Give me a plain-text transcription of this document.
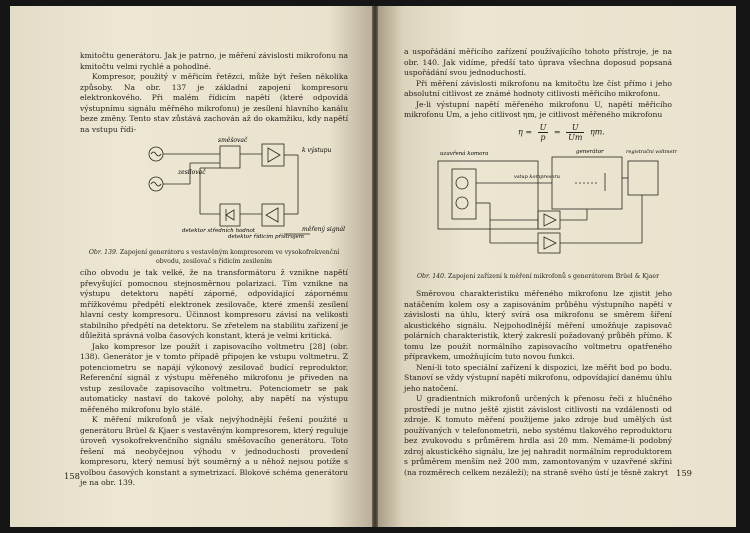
kmitočtu generátoru. Jak je patrno, je měření závislosti mikrofonu na kmitočtu velmi rychlé a pohodlné.

Kompresor, použitý v měřicím řetězci, může být řešen několika způsoby. Na obr. 137 je základní zapojení kompresoru elektronkového. Při malém řídicím napětí (které odpovídá výstupnímu signálu měřného mikrofonu) je zesílení hlavního kanálu beze změny. Tento stav zůstává zachován až do okamžiku, kdy napětí na vstupu řídi-

směšovač
zesilovač
k výstupu
detektor středních hodnot
detektor řídicím přístrojem
měřený signál
Obr. 139. Zapojení generátoru s vestavěným kompresorem ve vysokofrekvenční obvodu, zesilovač s řídicím zesilením

cího obvodu je tak velké, že na transformátoru ž vznikne napětí převyšující pomocnou stejnosměrnou polarizaci. Tím vznikne na výstupu detektoru napětí záporné, odpovídající zápornému mřížkovému předpětí elektronek zesilovače, které zmenší zesílení hlavní cesty kompresoru. Účinnost kompresoru závisí na velikosti stabilního předpětí na detektoru. Se zřetelem na stabilitu zařízení je důležitá správná volba časových konstant, která je velmi kritická.

Jako kompresor lze použít i zapisovacího voltmetru [28] (obr. 138). Generátor je v tomto případě připojen ke vstupu voltmetru. Z potenciometru se napájí výkonový zesilovač budící reproduktor. Referenční signál z výstupu měřeného mikrofonu je přiveden na vstup zesilovače zapisovacího voltmetru. Potenciometr se pak automaticky nastaví do takové polohy, aby napětí na výstupu měřeného mikrofonu bylo stálé.

K měření mikrofonů je však nejvýhodnější řešení použité u generátoru Brüel & Kjaer s vestavěným kompresorem, který reguluje úroveň vysokofrekvenčního signálu směšovacího generátoru. Toto řešení má neobyčejnou výhodu v jednoduchosti provedení kompresoru, který nemusí být souměrný a u něhož nejsou potíže s volbou časových konstant a symetrizací. Blokové schéma generátoru je na obr. 139.

158

a uspořádání měřicího zařízení používajícího tohoto přístroje, je na obr. 140. Jak vidíme, předší tato úprava všechna doposud popsaná uspořádání svou jednoduchostí.

Při měření závislosti mikrofonu na kmitočtu lze číst přímo i jeho absolutní citlivost ze známé hodnoty citlivosti měřicího mikrofonu.

Je-li výstupní napětí měřeného mikrofonu U, napětí měřicího mikrofonu Um, a jeho citlivost ηm, je citlivost měřeného mikrofonu

$\eta = \frac{U}{p} = \frac{U}{Um} \eta m$.
uzavřená komora	generátor	registrační voltmetr
vstup kompresoru
Obr. 140. Zapojení zařízení k měření mikrofonů s generátorem Brüel & Kjaer

Směrovou charakteristiku měřeného mikrofonu lze zjistit jeho natáčením kolem osy a zapisováním průběhu výstupního napětí v závislosti na úhlu, který svírá osa mikrofonu se směrem šíření akustického signálu. Nejpohodlnější měření umožňuje zapisovač polárních charakteristik, který zakreslí požadovaný průběh přímo. K tomu lze použít normálního zapisovacího voltmetru opatřeného přípravkem, umožňujícím tuto novou funkci.

Není-li toto speciální zařízení k dispozici, lze měřit bod po bodu. Stanoví se vždy výstupní napětí mikrofonu, odpovídající danému úhlu jeho natočení.

U gradientních mikrofonů určených k přenosu řeči z hlučného prostředí je nutno ještě zjistit závislost citlivosti na vzdálenosti od zdroje. K tomuto měření použijeme jako zdroje bud umělých úst používaných v telefonometrii, nebo systému tlakového reproduktoru bez zvukovodu s průměrem hrdla asi 20 mm. Nemáme-li podobný zdroj akustického signálu, lze jej nahradit normálním reproduktorem s průměrem menším než 200 mm, zamontovaným v uzavřené skříni (na rozměrech celkem nezáleží); na straně svého ústí je těsně zakryt 159
